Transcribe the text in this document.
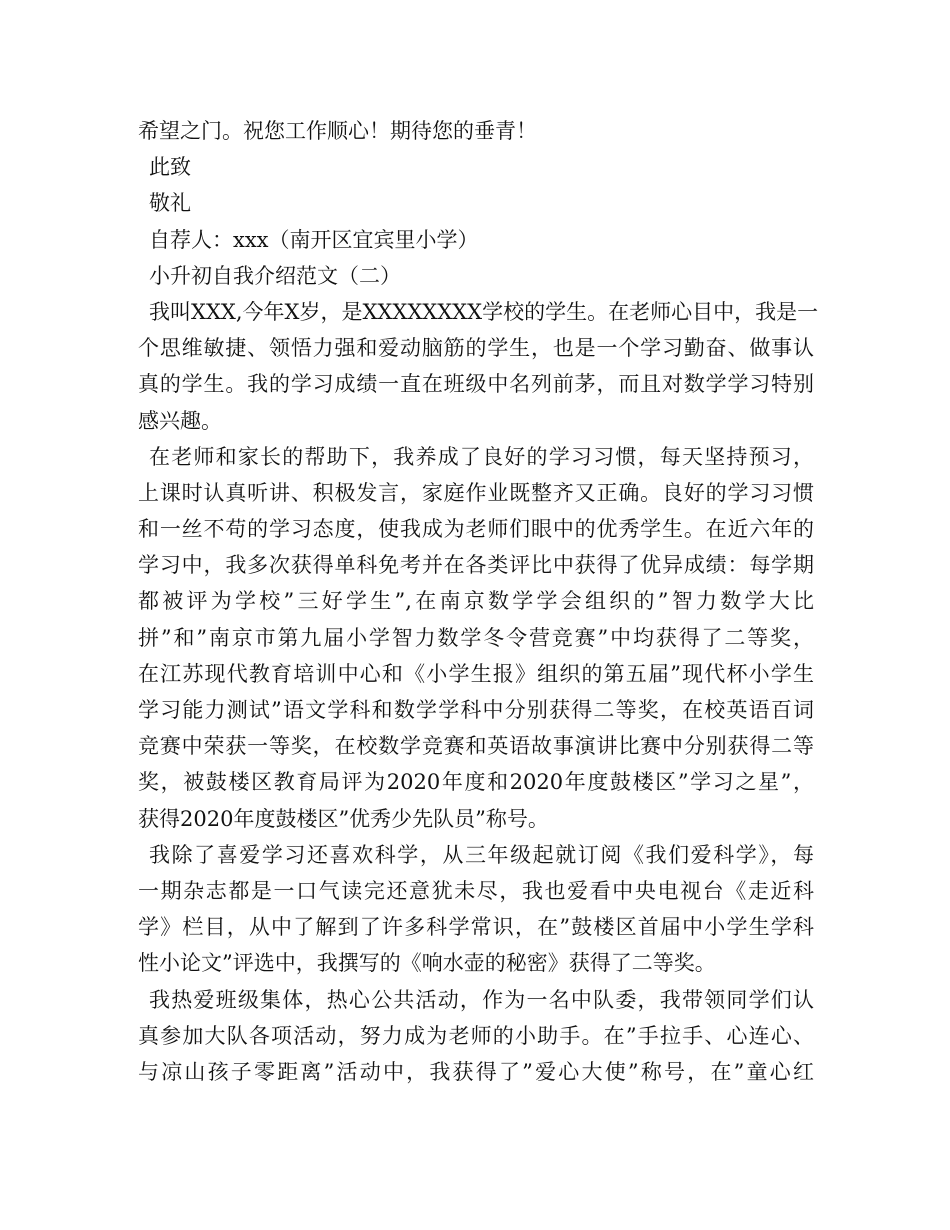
希望之门。祝您工作顺心！期待您的垂青！
此致
敬礼
自荐人：xxx（南开区宜宾里小学）
小升初自我介绍范文（二）
我叫XXX,今年X岁，是XXXXXXXX学校的学生。在老师心目中，我是一
个思维敏捷、领悟力强和爱动脑筋的学生，也是一个学习勤奋、做事认
真的学生。我的学习成绩一直在班级中名列前茅，而且对数学学习特别
感兴趣。
在老师和家长的帮助下，我养成了良好的学习习惯，每天坚持预习，
上课时认真听讲、积极发言，家庭作业既整齐又正确。良好的学习习惯
和一丝不苟的学习态度，使我成为老师们眼中的优秀学生。在近六年的
学习中，我多次获得单科免考并在各类评比中获得了优异成绩：每学期
都被评为学校”三好学生”,在南京数学学会组织的”智力数学大比
拼”和”南京市第九届小学智力数学冬令营竞赛”中均获得了二等奖，
在江苏现代教育培训中心和《小学生报》组织的第五届”现代杯小学生
学习能力测试”语文学科和数学学科中分别获得二等奖，在校英语百词
竞赛中荣获一等奖，在校数学竞赛和英语故事演讲比赛中分别获得二等
奖，被鼓楼区教育局评为2020年度和2020年度鼓楼区”学习之星”，
获得2020年度鼓楼区”优秀少先队员”称号。
我除了喜爱学习还喜欢科学，从三年级起就订阅《我们爱科学》，每
一期杂志都是一口气读完还意犹未尽，我也爱看中央电视台《走近科
学》栏目，从中了解到了许多科学常识，在”鼓楼区首届中小学生学科
性小论文”评选中，我撰写的《响水壶的秘密》获得了二等奖。
我热爱班级集体，热心公共活动，作为一名中队委，我带领同学们认
真参加大队各项活动，努力成为老师的小助手。在”手拉手、心连心、
与凉山孩子零距离”活动中，我获得了”爱心大使”称号，在”童心红
